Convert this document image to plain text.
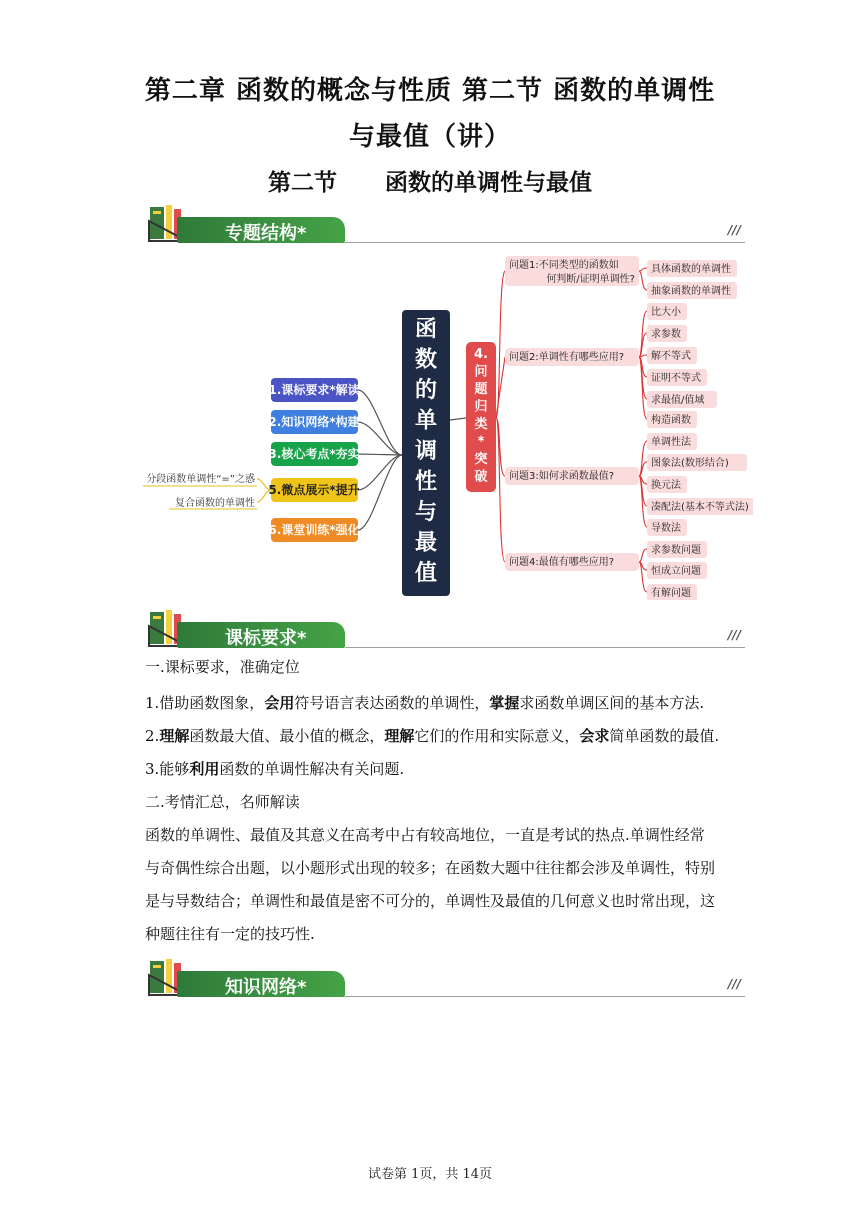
第二章 函数的概念与性质 第二节 函数的单调性
与最值（讲）
第二节      函数的单调性与最值
专题结构*	///
函
数
的
单
调
性
与
最
值
4.
问
题
归
类
*
突
破
1.课标要求*解读
2.知识网络*构建
3.核心考点*夯实
5.微点展示*提升
6.课堂训练*强化
分段函数单调性“=”之惑
复合函数的单调性
问题1:不同类型的函数如
何判断/证明单调性?
具体函数的单调性
抽象函数的单调性
问题2:单调性有哪些应用?
比大小
求参数
解不等式
证明不等式
求最值/值域
构造函数
问题3:如何求函数最值?
单调性法
图象法(数形结合)
换元法
凑配法(基本不等式法)
导数法
问题4:最值有哪些应用?
求参数问题
恒成立问题
有解问题
课标要求*	///
一.课标要求，准确定位
1.借助函数图象，会用符号语言表达函数的单调性，掌握求函数单调区间的基本方法.
2.理解函数最大值、最小值的概念，理解它们的作用和实际意义，会求简单函数的最值.
3.能够利用函数的单调性解决有关问题.
二.考情汇总，名师解读
函数的单调性、最值及其意义在高考中占有较高地位，一直是考试的热点.单调性经常
与奇偶性综合出题，以小题形式出现的较多；在函数大题中往往都会涉及单调性，特别
是与导数结合；单调性和最值是密不可分的，单调性及最值的几何意义也时常出现，这
种题往往有一定的技巧性.
知识网络*	///
试卷第 1页，共 14页
